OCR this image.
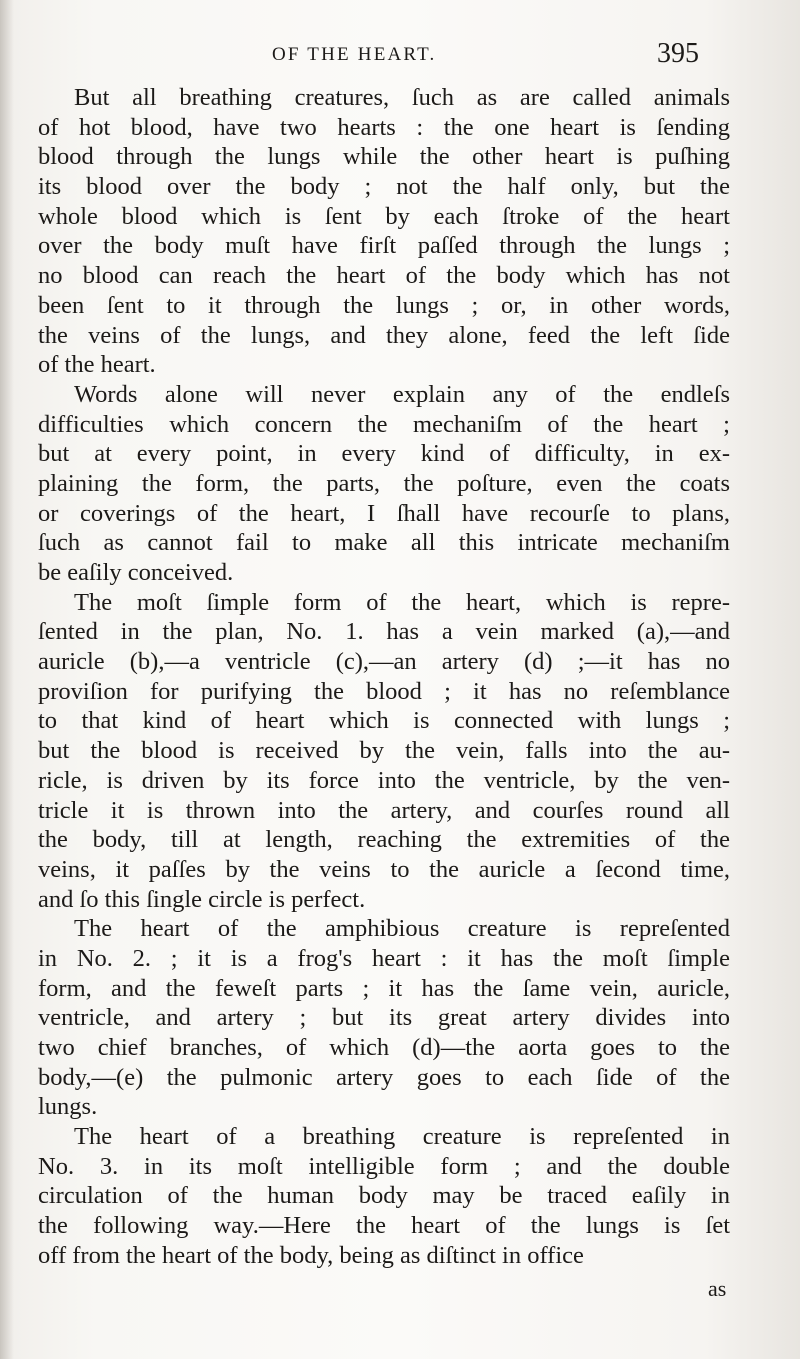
OF THE HEART.	395
But all breathing creatures, ſuch as are called animals
of hot blood, have two hearts : the one heart is ſending
blood through the lungs while the other heart is puſhing
its blood over the body ; not the half only, but the
whole blood which is ſent by each ſtroke of the heart
over the body muſt have firſt paſſed through the lungs ;
no blood can reach the heart of the body which has not
been ſent to it through the lungs ; or, in other words,
the veins of the lungs, and they alone, feed the left ſide
of the heart.
Words alone will never explain any of the endleſs
difficulties which concern the mechaniſm of the heart ;
but at every point, in every kind of difficulty, in ex-
plaining the form, the parts, the poſture, even the coats
or coverings of the heart, I ſhall have recourſe to plans,
ſuch as cannot fail to make all this intricate mechaniſm
be eaſily conceived.
The moſt ſimple form of the heart, which is repre-
ſented in the plan, No. 1. has a vein marked (a),—and
auricle (b),—a ventricle (c),—an artery (d) ;—it has no
proviſion for purifying the blood ; it has no reſemblance
to that kind of heart which is connected with lungs ;
but the blood is received by the vein, falls into the au-
ricle, is driven by its force into the ventricle, by the ven-
tricle it is thrown into the artery, and courſes round all
the body, till at length, reaching the extremities of the
veins, it paſſes by the veins to the auricle a ſecond time,
and ſo this ſingle circle is perfect.
The heart of the amphibious creature is repreſented
in No. 2. ; it is a frog's heart : it has the moſt ſimple
form, and the feweſt parts ; it has the ſame vein, auricle,
ventricle, and artery ; but its great artery divides into
two chief branches, of which (d)—the aorta goes to the
body,—(e) the pulmonic artery goes to each ſide of the
lungs.
The heart of a breathing creature is repreſented in
No. 3. in its moſt intelligible form ; and the double
circulation of the human body may be traced eaſily in
the following way.—Here the heart of the lungs is ſet
off from the heart of the body, being as diſtinct in office
as
